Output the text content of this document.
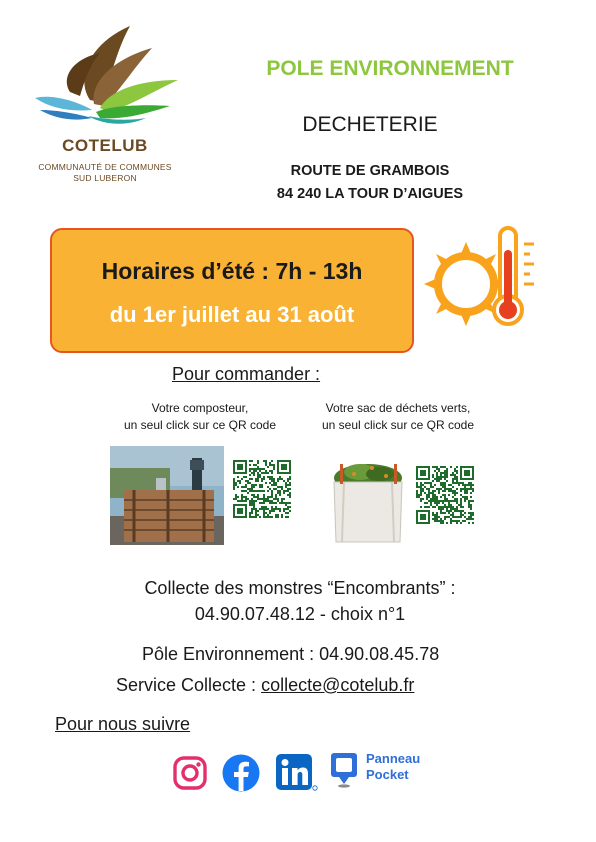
COTELUB
COMMUNAUTÉ DE COMMUNES
SUD LUBERON
POLE ENVIRONNEMENT
DECHETERIE
ROUTE DE GRAMBOIS
84 240 LA TOUR D’AIGUES
Horaires d’été : 7h - 13h
du 1er juillet au 31 août
Pour commander :
Votre composteur,
un seul click sur ce QR code
Votre sac de déchets verts,
un seul click sur ce QR code
Collecte des monstres “Encombrants” :
04.90.07.48.12 - choix n°1
Pôle Environnement : 04.90.08.45.78
Service Collecte : collecte@cotelub.fr
Pour nous suivre
Panneau
Pocket
